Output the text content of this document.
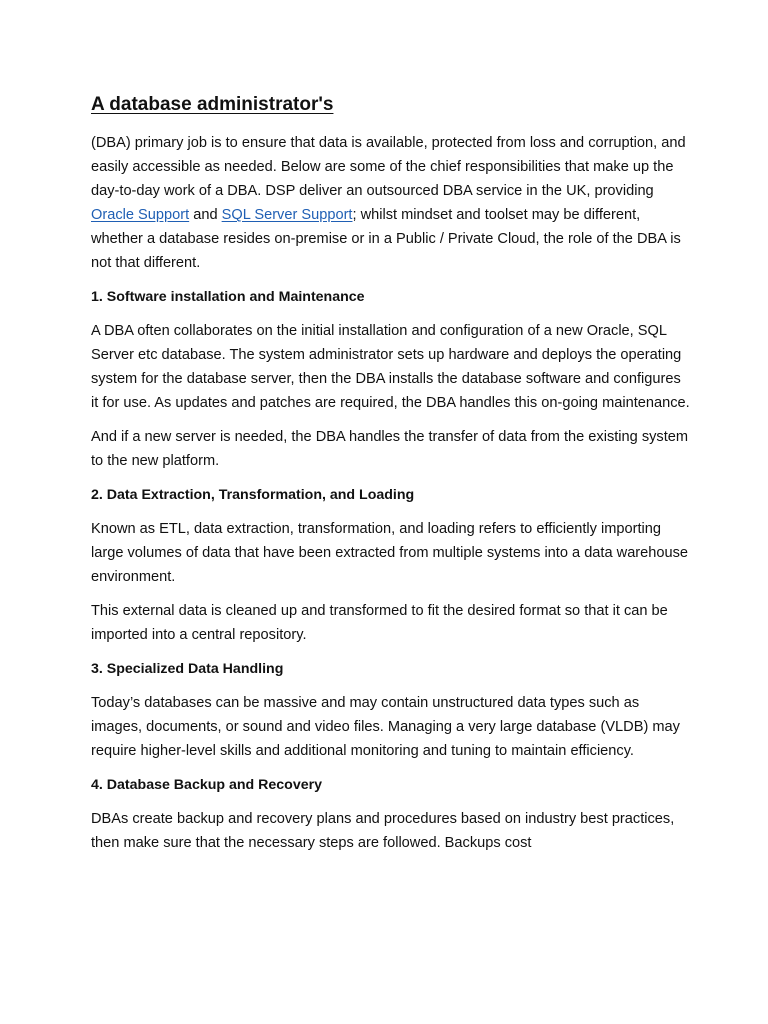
A database administrator's

(DBA) primary job is to ensure that data is available, protected from loss and corruption, and easily accessible as needed. Below are some of the chief responsibilities that make up the day-to-day work of a DBA. DSP deliver an outsourced DBA service in the UK, providing Oracle Support and SQL Server Support; whilst mindset and toolset may be different, whether a database resides on-premise or in a Public / Private Cloud, the role of the DBA is not that different.

1. Software installation and Maintenance

A DBA often collaborates on the initial installation and configuration of a new Oracle, SQL Server etc database. The system administrator sets up hardware and deploys the operating system for the database server, then the DBA installs the database software and configures it for use. As updates and patches are required, the DBA handles this on-going maintenance.

And if a new server is needed, the DBA handles the transfer of data from the existing system to the new platform.

2. Data Extraction, Transformation, and Loading

Known as ETL, data extraction, transformation, and loading refers to efficiently importing large volumes of data that have been extracted from multiple systems into a data warehouse environment.

This external data is cleaned up and transformed to fit the desired format so that it can be imported into a central repository.

3. Specialized Data Handling

Today’s databases can be massive and may contain unstructured data types such as images, documents, or sound and video files. Managing a very large database (VLDB) may require higher-level skills and additional monitoring and tuning to maintain efficiency.

4. Database Backup and Recovery

DBAs create backup and recovery plans and procedures based on industry best practices, then make sure that the necessary steps are followed. Backups cost
